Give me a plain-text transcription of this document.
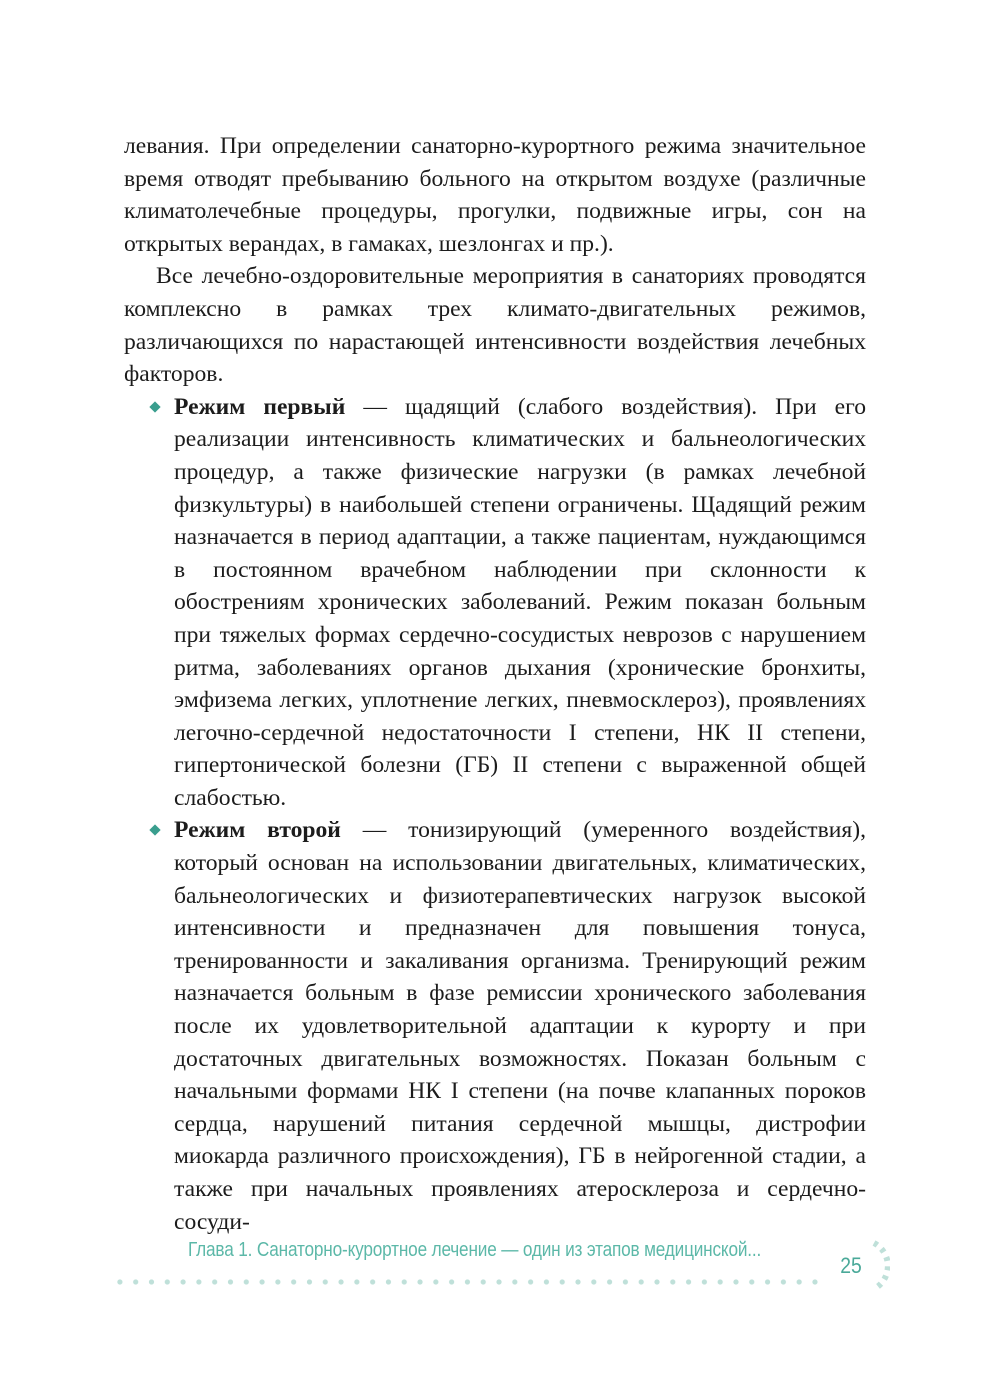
левания. При определении санаторно-курортного режима значительное время отводят пребыванию больного на открытом воздухе (различные климатолечебные процедуры, прогулки, подвижные игры, сон на открытых верандах, в гамаках, шезлонгах и пр.).

Все лечебно-оздоровительные мероприятия в санаториях проводятся комплексно в рамках трех климато-двигательных режимов, различающихся по нарастающей интенсивности воздействия лечебных факторов.

Режим первый — щадящий (слабого воздействия). При его реализации интенсивность климатических и бальнеологических процедур, а также физические нагрузки (в рамках лечебной физкультуры) в наибольшей степени ограничены. Щадящий режим назначается в период адаптации, а также пациентам, нуждающимся в постоянном врачебном наблюдении при склонности к обострениям хронических заболеваний. Режим показан больным при тяжелых формах сердечно-сосудистых неврозов с нарушением ритма, заболеваниях органов дыхания (хронические бронхиты, эмфизема легких, уплотнение легких, пневмосклероз), проявлениях легочно-сердечной недостаточности I степени, НК II степени, гипертонической болезни (ГБ) II степени с выраженной общей слабостью.
Режим второй — тонизирующий (умеренного воздействия), который основан на использовании двигательных, климатических, бальнеологических и физиотерапевтических нагрузок высокой интенсивности и предназначен для повышения тонуса, тренированности и закаливания организма. Тренирующий режим назначается больным в фазе ремиссии хронического заболевания после их удовлетворительной адаптации к курорту и при достаточных двигательных возможностях. Показан больным с начальными формами НК I степени (на почве клапанных пороков сердца, нарушений питания сердечной мышцы, дистрофии миокарда различного происхождения), ГБ в нейрогенной стадии, а также при начальных проявлениях атеросклероза и сердечно-сосуди-
Глава 1. Санаторно-курортное лечение — один из этапов медицинской...
25
